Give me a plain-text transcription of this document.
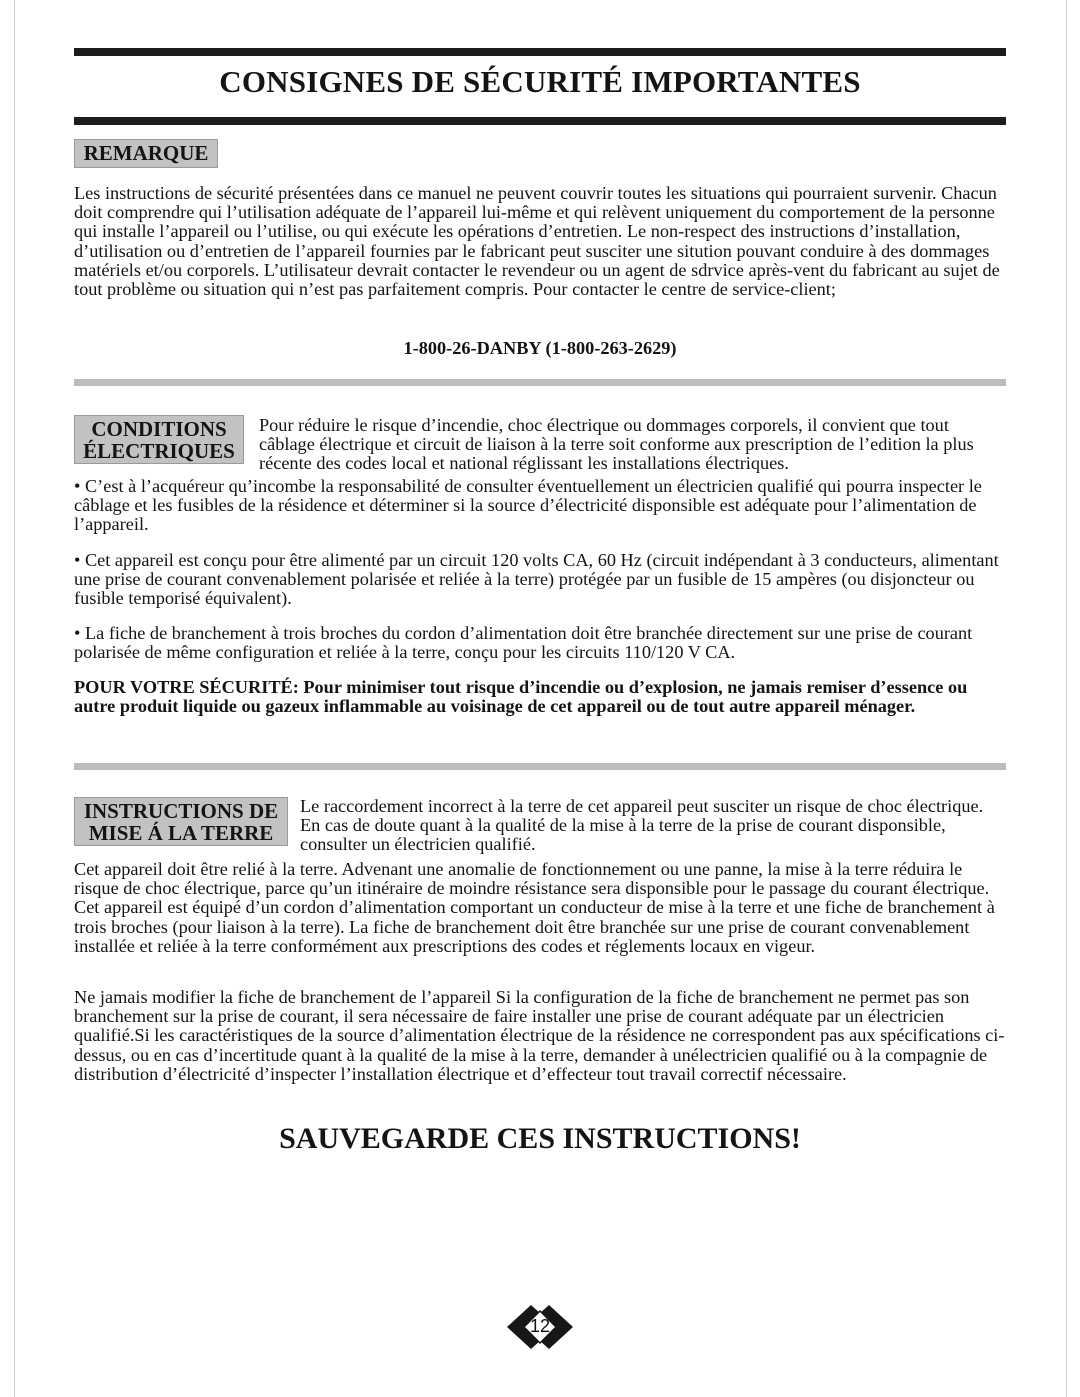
CONSIGNES DE SÉCURITÉ IMPORTANTES
REMARQUE
Les instructions de sécurité présentées dans ce manuel ne peuvent couvrir toutes les situations qui pourraient survenir. Chacun doit comprendre qui l’utilisation adéquate de l’appareil lui-même et qui relèvent uniquement du comportement de la personne qui installe l’appareil ou l’utilise, ou qui exécute les opérations d’entretien. Le non-respect des instructions d’installation, d’utilisation ou d’entretien de l’appareil fournies par le fabricant peut susciter une sitution pouvant conduire à des dommages matériels et/ou corporels. L’utilisateur devrait contacter le revendeur ou un agent de sdrvice après-vent du fabricant au sujet de tout problème ou situation qui n’est pas parfaitement compris. Pour contacter le centre de service-client;
1-800-26-DANBY (1-800-263-2629)
CONDITIONS
ÉLECTRIQUES
Pour réduire le risque d’incendie, choc électrique ou dommages corporels, il convient que tout câblage électrique et circuit de liaison à la terre soit conforme aux prescription de l’edition la plus récente des codes local et national réglissant les installations électriques.
• C’est à l’acquéreur qu’incombe la responsabilité de consulter éventuellement un électricien qualifié qui pourra inspecter le câblage et les fusibles de la résidence et déterminer si la source d’électricité disponsible est adéquate pour l’alimentation de l’appareil.
• Cet appareil est conçu pour être alimenté par un circuit 120 volts CA, 60 Hz (circuit indépendant à 3 conducteurs, alimentant une prise de courant convenablement polarisée et reliée à la terre) protégée par un fusible de 15 ampères (ou disjoncteur ou fusible temporisé équivalent).
• La fiche de branchement à trois broches du cordon d’alimentation doit être branchée directement sur une prise de courant polarisée de même configuration et reliée à la terre, conçu pour les circuits 110/120 V CA.
POUR VOTRE SÉCURITÉ: Pour minimiser tout risque d’incendie ou d’explosion, ne jamais remiser d’essence ou autre produit liquide ou gazeux inflammable au voisinage de cet appareil ou de tout autre appareil ménager.
INSTRUCTIONS DE
MISE Á LA TERRE
Le raccordement incorrect à la terre de cet appareil peut susciter un risque de choc électrique. En cas de doute quant à la qualité de la mise à la terre de la prise de courant disponsible, consulter un électricien qualifié.
Cet appareil doit être relié à la terre. Advenant une anomalie de fonctionnement ou une panne, la mise à la terre réduira le risque de choc électrique, parce qu’un itinéraire de moindre résistance sera disponsible pour le passage du courant électrique. Cet appareil est équipé d’un cordon d’alimentation comportant un conducteur de mise à la terre et une fiche de branchement à trois broches (pour liaison à la terre). La fiche de branchement doit être branchée sur une prise de courant convenablement installée et reliée à la terre conformément aux prescriptions des codes et réglements locaux en vigeur.
Ne jamais modifier la fiche de branchement de l’appareil Si la configuration de la fiche de branchement ne permet pas son branchement sur la prise de courant, il sera nécessaire de faire installer une prise de courant adéquate par un électricien qualifié.Si les caractéristiques de la source d’alimentation électrique de la résidence ne correspondent pas aux spécifications ci-dessus, ou en cas d’incertitude quant à la qualité de la mise à la terre, demander à unélectricien qualifié ou à la compagnie de distribution d’électricité d’inspecter l’installation électrique et d’effecteur tout travail correctif nécessaire.
SAUVEGARDE CES INSTRUCTIONS!
12
